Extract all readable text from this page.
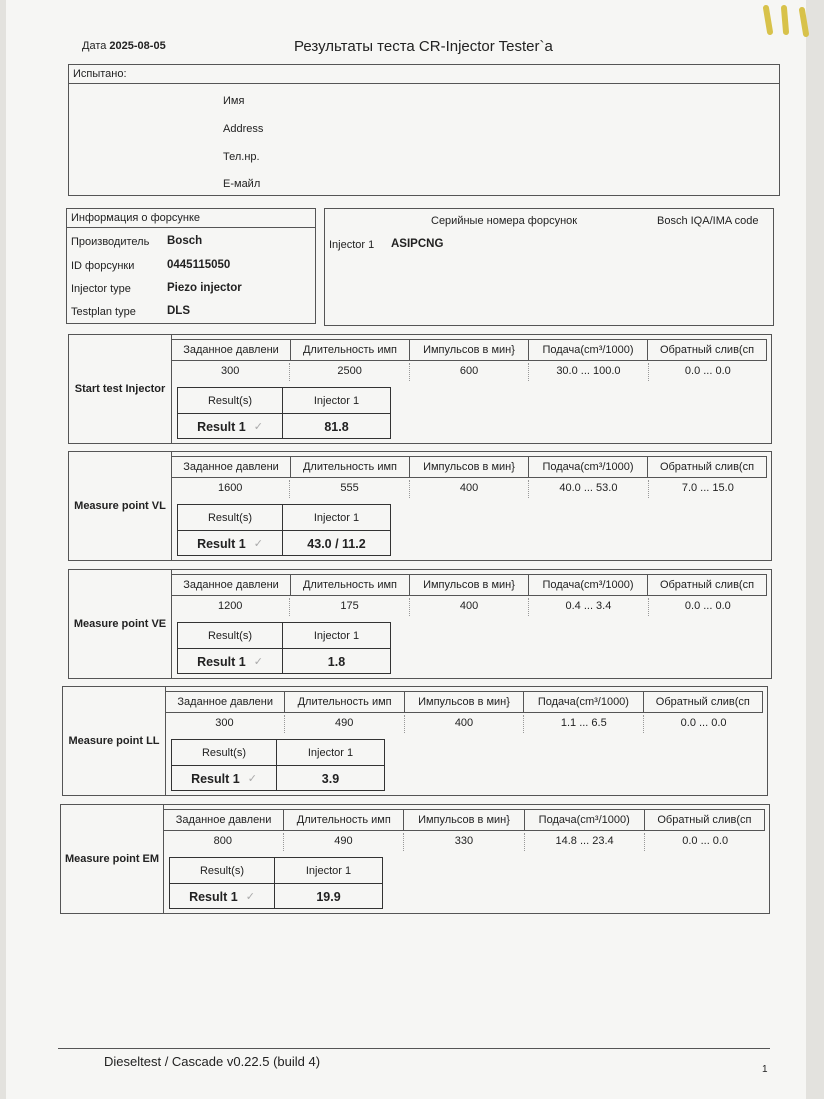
Дата 2025-08-05	Результаты теста CR-Injector Tester`a
Испытано:
Имя
Address
Тел.нр.
E-майл
Информация о форсунке
Производитель Bosch
ID форсунки	0445115050
Injector type	Piezo injector
Testplan type	DLS
Серийные номера форсунок	Bosch IQA/IMA code
Injector 1 ASIPCNG
Start test Injector
Заданное давлени	Длительность имп	Импульсов в мин}	Подача(cm³/1000)	Обратный слив(сп
300	2500	600	30.0 ... 100.0	0.0 ... 0.0
Result(s)	Injector 1
Result 1 ✓	81.8
Measure point VL
Заданное давлени	Длительность имп	Импульсов в мин}	Подача(cm³/1000)	Обратный слив(сп
1600	555	400	40.0 ... 53.0	7.0 ... 15.0
Result(s)	Injector 1
Result 1 ✓	43.0 / 11.2
Measure point VE
Заданное давлени	Длительность имп	Импульсов в мин}	Подача(cm³/1000)	Обратный слив(сп
1200	175	400	0.4 ... 3.4	0.0 ... 0.0
Result(s)	Injector 1
Result 1 ✓	1.8
Measure point LL
Заданное давлени	Длительность имп	Импульсов в мин}	Подача(cm³/1000)	Обратный слив(сп
300	490	400	1.1 ... 6.5	0.0 ... 0.0
Result(s)	Injector 1
Result 1 ✓	3.9
Measure point EM
Заданное давлени	Длительность имп	Импульсов в мин}	Подача(cm³/1000)	Обратный слив(сп
800	490	330	14.8 ... 23.4	0.0 ... 0.0
Result(s)	Injector 1
Result 1 ✓	19.9
Dieseltest / Cascade v0.22.5 (build 4)
1
